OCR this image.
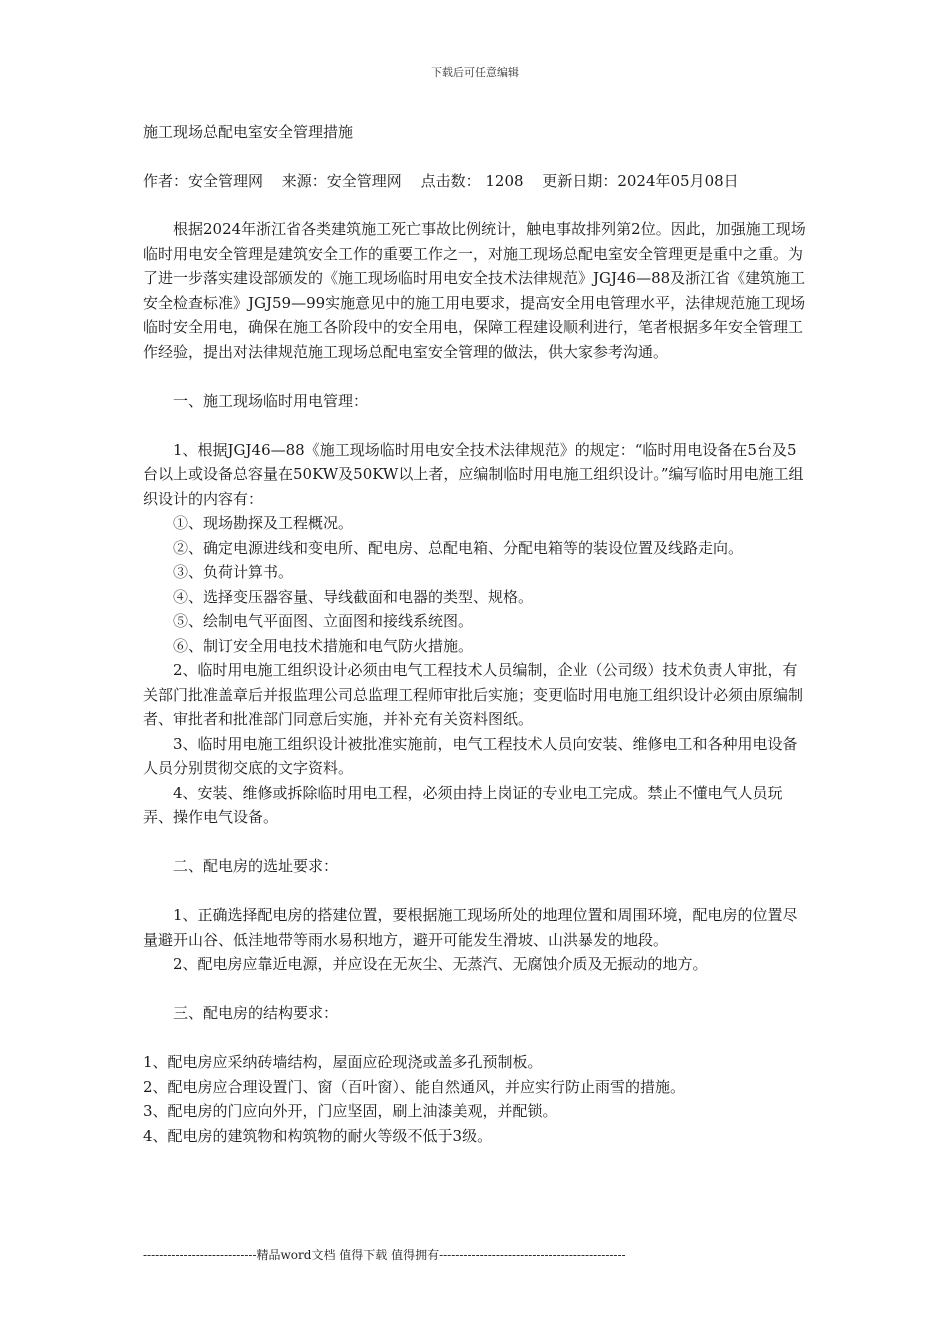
下载后可任意编辑

施工现场总配电室安全管理措施

作者：安全管理网 来源：安全管理网 点击数： 1208 更新日期：2024年05月08日

根据2024年浙江省各类建筑施工死亡事故比例统计，触电事故排列第2位。因此，加强施工现场临时用电安全管理是建筑安全工作的重要工作之一，对施工现场总配电室安全管理更是重中之重。为了进一步落实建设部颁发的《施工现场临时用电安全技术法律规范》JGJ46—88及浙江省《建筑施工安全检查标准》JGJ59—99实施意见中的施工用电要求，提高安全用电管理水平，法律规范施工现场临时安全用电，确保在施工各阶段中的安全用电，保障工程建设顺利进行，笔者根据多年安全管理工作经验，提出对法律规范施工现场总配电室安全管理的做法，供大家参考沟通。

一、施工现场临时用电管理：

1、根据JGJ46—88《施工现场临时用电安全技术法律规范》的规定：“临时用电设备在5台及5台以上或设备总容量在50KW及50KW以上者，应编制临时用电施工组织设计。”编写临时用电施工组织设计的内容有：

①、现场勘探及工程概况。

②、确定电源进线和变电所、配电房、总配电箱、分配电箱等的装设位置及线路走向。

③、负荷计算书。

④、选择变压器容量、导线截面和电器的类型、规格。

⑤、绘制电气平面图、立面图和接线系统图。

⑥、制订安全用电技术措施和电气防火措施。

2、临时用电施工组织设计必须由电气工程技术人员编制，企业（公司级）技术负责人审批，有关部门批准盖章后并报监理公司总监理工程师审批后实施；变更临时用电施工组织设计必须由原编制者、审批者和批准部门同意后实施，并补充有关资料图纸。

3、临时用电施工组织设计被批准实施前，电气工程技术人员向安装、维修电工和各种用电设备人员分别贯彻交底的文字资料。

4、安装、维修或拆除临时用电工程，必须由持上岗证的专业电工完成。禁止不懂电气人员玩弄、操作电气设备。

二、配电房的选址要求：

1、正确选择配电房的搭建位置，要根据施工现场所处的地理位置和周围环境，配电房的位置尽量避开山谷、低洼地带等雨水易积地方，避开可能发生滑坡、山洪暴发的地段。

2、配电房应靠近电源，并应设在无灰尘、无蒸汽、无腐蚀介质及无振动的地方。

三、配电房的结构要求：

1、配电房应采纳砖墙结构，屋面应砼现浇或盖多孔预制板。

2、配电房应合理设置门、窗（百叶窗）、能自然通风，并应实行防止雨雪的措施。

3、配电房的门应向外开，门应坚固，刷上油漆美观，并配锁。

4、配电房的建筑物和构筑物的耐火等级不低于3级。

----------------------------精品word文档 值得下载 值得拥有----------------------------------------------
